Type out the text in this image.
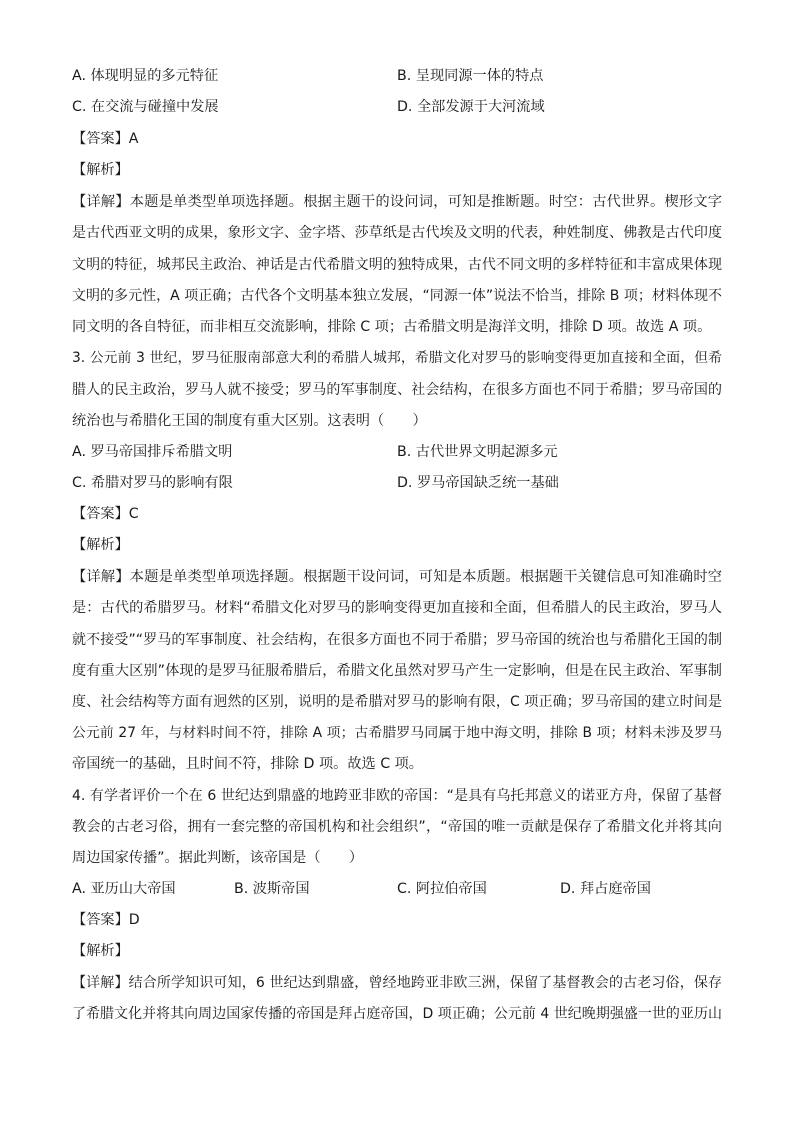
A. 体现明显的多元特征	B. 呈现同源一体的特点
C. 在交流与碰撞中发展	D. 全部发源于大河流域
【答案】A
【解析】
【详解】本题是单类型单项选择题。根据主题干的设问词，可知是推断题。时空：古代世界。楔形文字
是古代西亚文明的成果，象形文字、金字塔、莎草纸是古代埃及文明的代表，种姓制度、佛教是古代印度
文明的特征，城邦民主政治、神话是古代希腊文明的独特成果，古代不同文明的多样特征和丰富成果体现
文明的多元性，A 项正确；古代各个文明基本独立发展，“同源一体”说法不恰当，排除 B 项；材料体现不
同文明的各自特征，而非相互交流影响，排除 C 项；古希腊文明是海洋文明，排除 D 项。故选 A 项。
3. 公元前 3 世纪，罗马征服南部意大利的希腊人城邦，希腊文化对罗马的影响变得更加直接和全面，但希
腊人的民主政治，罗马人就不接受；罗马的军事制度、社会结构，在很多方面也不同于希腊；罗马帝国的
统治也与希腊化王国的制度有重大区别。这表明（　　）
A. 罗马帝国排斥希腊文明	B. 古代世界文明起源多元
C. 希腊对罗马的影响有限	D. 罗马帝国缺乏统一基础
【答案】C
【解析】
【详解】本题是单类型单项选择题。根据题干设问词，可知是本质题。根据题干关键信息可知准确时空
是：古代的希腊罗马。材料“希腊文化对罗马的影响变得更加直接和全面，但希腊人的民主政治，罗马人
就不接受”“罗马的军事制度、社会结构，在很多方面也不同于希腊；罗马帝国的统治也与希腊化王国的制
度有重大区别”体现的是罗马征服希腊后，希腊文化虽然对罗马产生一定影响，但是在民主政治、军事制
度、社会结构等方面有迥然的区别，说明的是希腊对罗马的影响有限，C 项正确；罗马帝国的建立时间是
公元前 27 年，与材料时间不符，排除 A 项；古希腊罗马同属于地中海文明，排除 B 项；材料未涉及罗马
帝国统一的基础，且时间不符，排除 D 项。故选 C 项。
4. 有学者评价一个在 6 世纪达到鼎盛的地跨亚非欧的帝国：“是具有乌托邦意义的诺亚方舟，保留了基督
教会的古老习俗，拥有一套完整的帝国机构和社会组织”，“帝国的唯一贡献是保存了希腊文化并将其向
周边国家传播”。据此判断，该帝国是（　　）
A. 亚历山大帝国	B. 波斯帝国	C. 阿拉伯帝国	D. 拜占庭帝国
【答案】D
【解析】
【详解】结合所学知识可知，6 世纪达到鼎盛，曾经地跨亚非欧三洲，保留了基督教会的古老习俗，保存
了希腊文化并将其向周边国家传播的帝国是拜占庭帝国，D 项正确；公元前 4 世纪晚期强盛一世的亚历山
